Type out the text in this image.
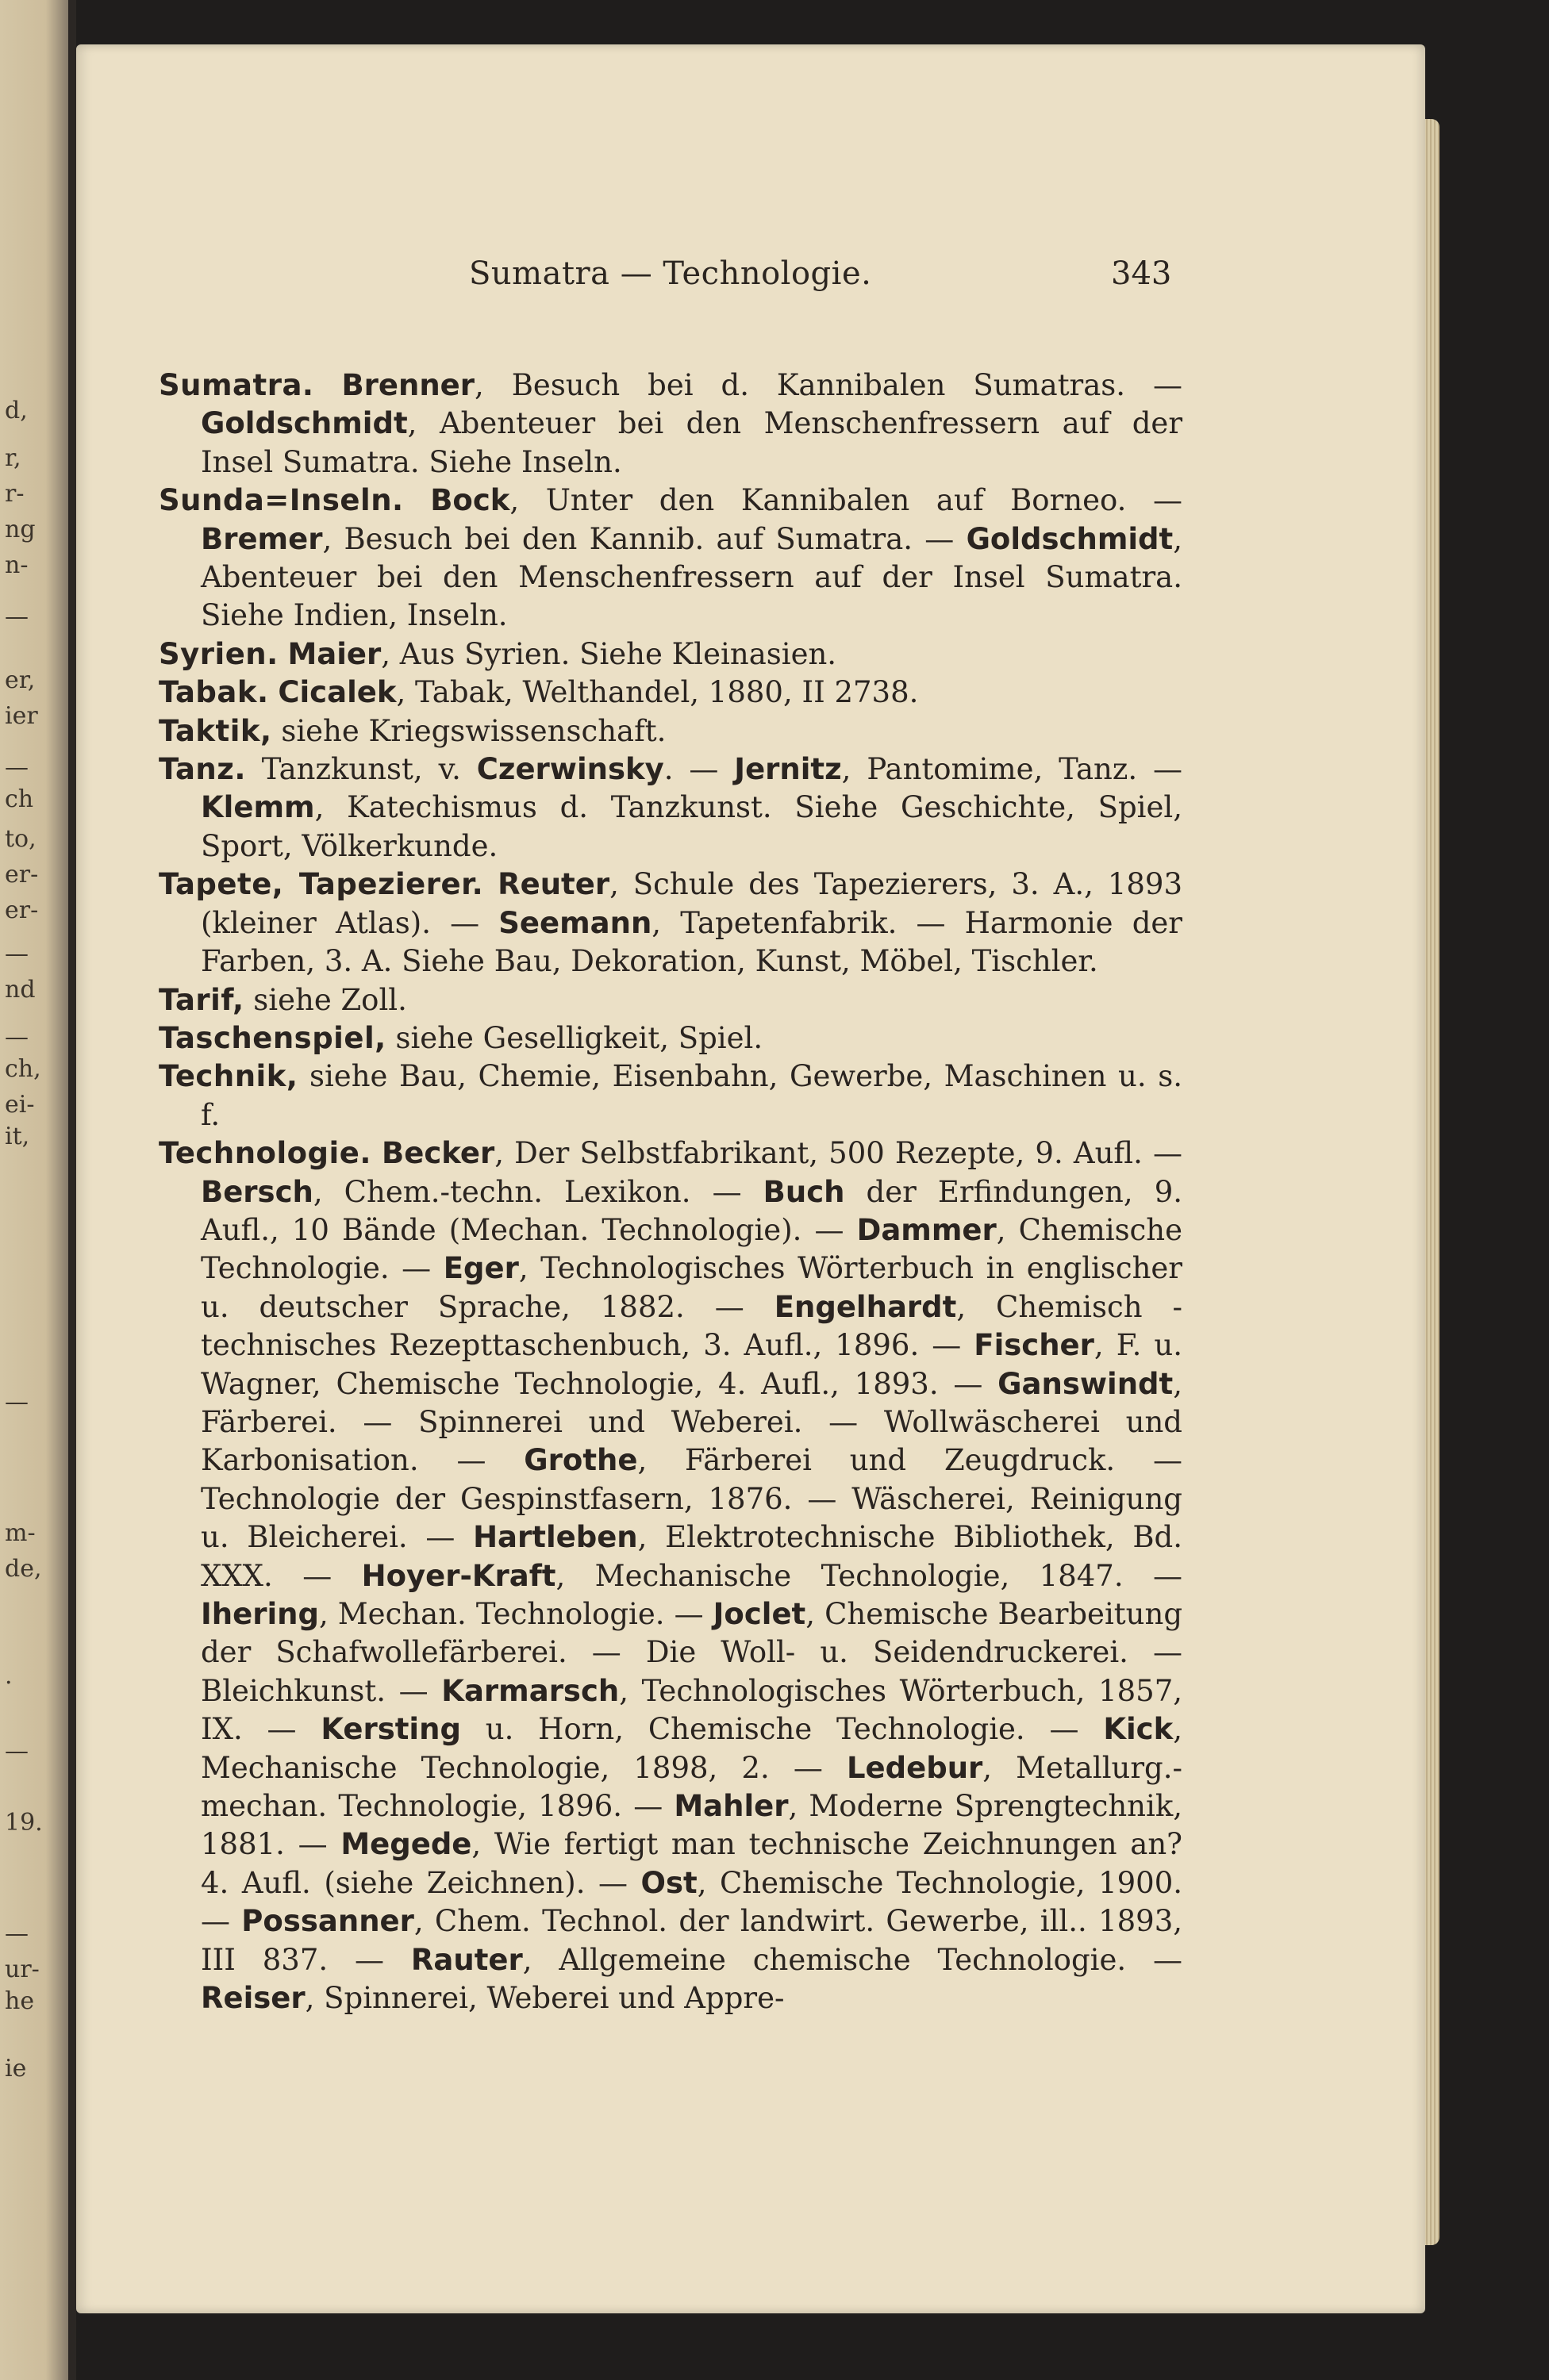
d,
r,
r-
ng
n-
—
er,
ier
—
ch
to,
er-
er-
—
nd
—
ch,
ei-
it,
—
m-
de,
.
—
19.
—
ur-
he
ie
Sumatra — Technologie.	343

Sumatra. Brenner, Besuch bei d. Kannibalen Sumatras. — Goldschmidt, Abenteuer bei den Menschenfressern auf der Insel Sumatra. Siehe Inseln.

Sunda=Inseln. Bock, Unter den Kannibalen auf Borneo. — Bremer, Besuch bei den Kannib. auf Sumatra. — Goldschmidt, Abenteuer bei den Menschenfressern auf der Insel Sumatra. Siehe Indien, Inseln.

Syrien. Maier, Aus Syrien. Siehe Kleinasien.

Tabak. Cicalek, Tabak, Welthandel, 1880, II 2738.

Taktik, siehe Kriegswissenschaft.

Tanz. Tanzkunst, v. Czerwinsky. — Jernitz, Pantomime, Tanz. — Klemm, Katechismus d. Tanzkunst. Siehe Geschichte, Spiel, Sport, Völkerkunde.

Tapete, Tapezierer. Reuter, Schule des Tapezierers, 3. A., 1893 (kleiner Atlas). — Seemann, Tapetenfabrik. — Harmonie der Farben, 3. A. Siehe Bau, Dekoration, Kunst, Möbel, Tischler.

Tarif, siehe Zoll.

Taschenspiel, siehe Geselligkeit, Spiel.

Technik, siehe Bau, Chemie, Eisenbahn, Gewerbe, Maschinen u. s. f.

Technologie. Becker, Der Selbstfabrikant, 500 Rezepte, 9. Aufl. — Bersch, Chem.-techn. Lexikon. — Buch der Erfindungen, 9. Aufl., 10 Bände (Mechan. Technologie). — Dammer, Chemische Technologie. — Eger, Technologisches Wörterbuch in englischer u. deutscher Sprache, 1882. — Engelhardt, Chemisch - technisches Rezepttaschenbuch, 3. Aufl., 1896. — Fischer, F. u. Wagner, Chemische Technologie, 4. Aufl., 1893. — Ganswindt, Färberei. — Spinnerei und Weberei. — Wollwäscherei und Karbonisation. — Grothe, Färberei und Zeugdruck. — Technologie der Gespinstfasern, 1876. — Wäscherei, Reinigung u. Bleicherei. — Hartleben, Elektrotechnische Bibliothek, Bd. XXX. — Hoyer-Kraft, Mechanische Technologie, 1847. — Ihering, Mechan. Technologie. — Joclet, Chemische Bearbeitung der Schafwollefärberei. — Die Woll- u. Seidendruckerei. — Bleichkunst. — Karmarsch, Technologisches Wörterbuch, 1857, IX. — Kersting u. Horn, Chemische Technologie. — Kick, Mechanische Technologie, 1898, 2. — Ledebur, Metallurg.-mechan. Technologie, 1896. — Mahler, Moderne Sprengtechnik, 1881. — Megede, Wie fertigt man technische Zeichnungen an? 4. Aufl. (siehe Zeichnen). — Ost, Chemische Technologie, 1900. — Possanner, Chem. Technol. der landwirt. Gewerbe, ill.. 1893, III 837. — Rauter, Allgemeine chemische Technologie. — Reiser, Spinnerei, Weberei und Appre-
